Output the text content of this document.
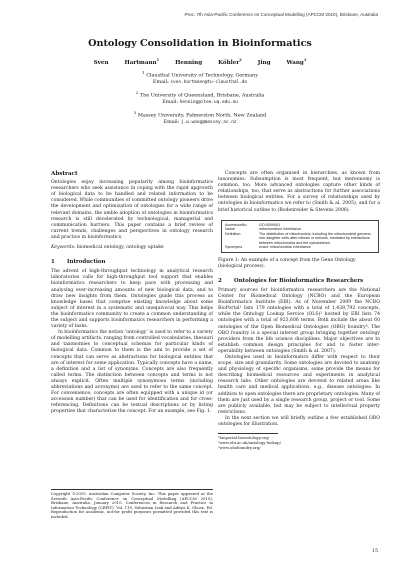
Proc. 7th Asia-Pacific Conference on Conceptual Modelling (APCCM 2010), Brisbane, Australia
Ontology Consolidation in Bioinformatics
Sven Hartmann$^1$	Henning Köhler$^2$	Jing Wang$^3$
$^1$ Clausthal University of Technology, Germany
Email: sven.hartmann@tu-clausthal.de
$^2$ The University of Queensland, Brisbane, Australia
Email: henning@itee.uq.edu.au
$^3$ Massey University, Palmerston North, New Zealand
Email: j.w.wang@massey.ac.nz
Abstract

Ontologies enjoy increasing popularity among bioinformatics researchers who seek assistance in coping with the rapid upgrowth of biological data to be handled and related information to be considered. While communities of committed ontology pioneers drive the development and optimization of ontologies for a wide range of relevant domains, the amble adoption of ontologies in bioinformatics research is still decelerated by technological, managerial and communication barriers. This paper contains a brief review of current trends, challenges and perspectives in ontology research and practice in bioinformatics.

Keywords: biomedical ontology, ontology uptake

1 Introduction

The advent of high-throughput technology in analytical research laboratories calls for high-throughput tool support that enables bioinformatics researchers to keep pace with processing and analysing ever-increasing amounts of new biological data, and to draw new insights from them. Ontologies guide this process as knowledge bases that comprise existing knowledge about some subject of interest in a systematic and unequivocal way. This helps the bioinformatics community to create a common understanding of the subject and supports bioinformatics researchers in performing a variety of tasks.

In bioinformatics the notion ‘ontology’ is used to refer to a variety of modelling artifacts, ranging from controlled vocabularies, thesauri and taxonomies to conceptual schemas for particular kinds of biological data. Common to them is the aim to provide a set of concepts that can serve as abstractions for biological entities that are of interest for some application. Typically concepts have a name, a definition and a list of synonyms. Concepts are also frequently called terms. The distinction between concepts and terms is not always explicit. Often multiple synonymous terms (including abbreviations and acronyms) are used to refer to the same concept. For convenience, concepts are often equipped with a unique id (or accession number) that can be used for identification and for cross-referencing. Definitions can be textual descriptions or by listing properties that characterise the concept. For an example, see Fig. 1.

Copyright ©2010, Australian Computer Society, Inc. This paper appeared at the Seventh Asia-Pacific Conference on Conceptual Modelling (APCCM 2010), Brisbane, Australia, January 2010. Conferences in Research and Practice in Information Technology (CRPIT), Vol. 110, Sebastian Link and Aditya K. Ghose, Ed. Reproduction for academic, not-for profit purposes permitted provided this text is included.

Concepts are often organised in hierarchies, as known from taxonomies. Subsumption is most frequent, but mereonomy is common, too. More advanced ontologies capture other kinds of relationships, too, that serve as abstractions for further associations between biological entities. For a survey of relationships used by ontologies in bioinformatics we refer to (Smith & al. 2005), and for a brief historical outline to (Bodenreider & Stevens 2006).

AccessionNo	GO:0000001
Name	mitochondrion inheritance
Definition	The distribution of mitochondria, including the mitochondrial genome, into daughter cells after mitosis or meiosis, mediated by interactions between mitochondria and the cytoskeleton.
Synonyms	exact: mitochondrial inheritance

Figure 1: An example of a concept from the Gene Ontology (biological process).

2 Ontologies for Bioinformatics Researchers

Primary sources for bioinformatics researchers are the National Center for Biomedical Ontology (NCBO) and the European Bioinformatics Institute (EBI). As of November 2009 the NCBO BioPortal¹ lists 179 ontologies with a total of 1,438,792 concepts, while the Ontology Lookup Service (OLS)² hosted by EBI lists 74 ontologies with a total of 923,606 terms. Both include the about 60 ontologies of the Open Biomedical Ontologies (OBO) foundry³. The OBO foundry is a special interest group bringing together ontology providers from the life science disciplines. Major objectives are to establish common design principles for and to foster inter-operability between ontologies (Smith & al. 2007).

Ontologies used in bioinformatics differ with respect to their scope, size and granularity. Some ontologies are devoted to anatomy and physiology of specific organisms, some provide the means for describing biomedical resources and experiments in analytical research labs. Other ontologies are devoted to related areas like health care and medical applications, e.g., disease ontologies. In addition to open ontologies there are proprietary ontologies. Many of them are just used by a single research group, project or tool. Some are publicly available, but may be subject to intellectual property restrictions.

In the next section we will briefly outline a few established OBO ontologies for illustration.

¹bioportal.bioontology.org/
²www.ebi.ac.uk/ontology-lookup/
³www.obofoundry.org/
15
